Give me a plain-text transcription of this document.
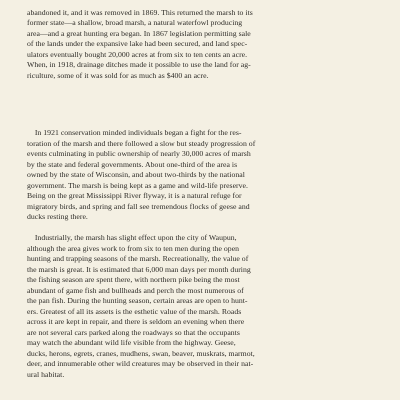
abandoned it, and it was removed in 1869. This returned the marsh to its
former state—a shallow, broad marsh, a natural waterfowl producing
area—and a great hunting era began. In 1867 legislation permitting sale
of the lands under the expansive lake had been secured, and land spec-
ulators eventually bought 20,000 acres at from six to ten cents an acre.
When, in 1918, drainage ditches made it possible to use the land for ag-
riculture, some of it was sold for as much as $400 an acre.

In 1921 conservation minded individuals began a fight for the res-
toration of the marsh and there followed a slow but steady progression of
events culminating in public ownership of nearly 30,000 acres of marsh
by the state and federal governments. About one-third of the area is
owned by the state of Wisconsin, and about two-thirds by the national
government. The marsh is being kept as a game and wild-life preserve.
Being on the great Mississippi River flyway, it is a natural refuge for
migratory birds, and spring and fall see tremendous flocks of geese and
ducks resting there.

Industrially, the marsh has slight effect upon the city of Waupun,
although the area gives work to from six to ten men during the open
hunting and trapping seasons of the marsh. Recreationally, the value of
the marsh is great. It is estimated that 6,000 man days per month during
the fishing season are spent there, with northern pike being the most
abundant of game fish and bullheads and perch the most numerous of
the pan fish. During the hunting season, certain areas are open to hunt-
ers. Greatest of all its assets is the esthetic value of the marsh. Roads
across it are kept in repair, and there is seldom an evening when there
are not several cars parked along the roadways so that the occupants
may watch the abundant wild life visible from the highway. Geese,
ducks, herons, egrets, cranes, mudhens, swan, beaver, muskrats, marmot,
deer, and innumerable other wild creatures may be observed in their nat-
ural habitat.
